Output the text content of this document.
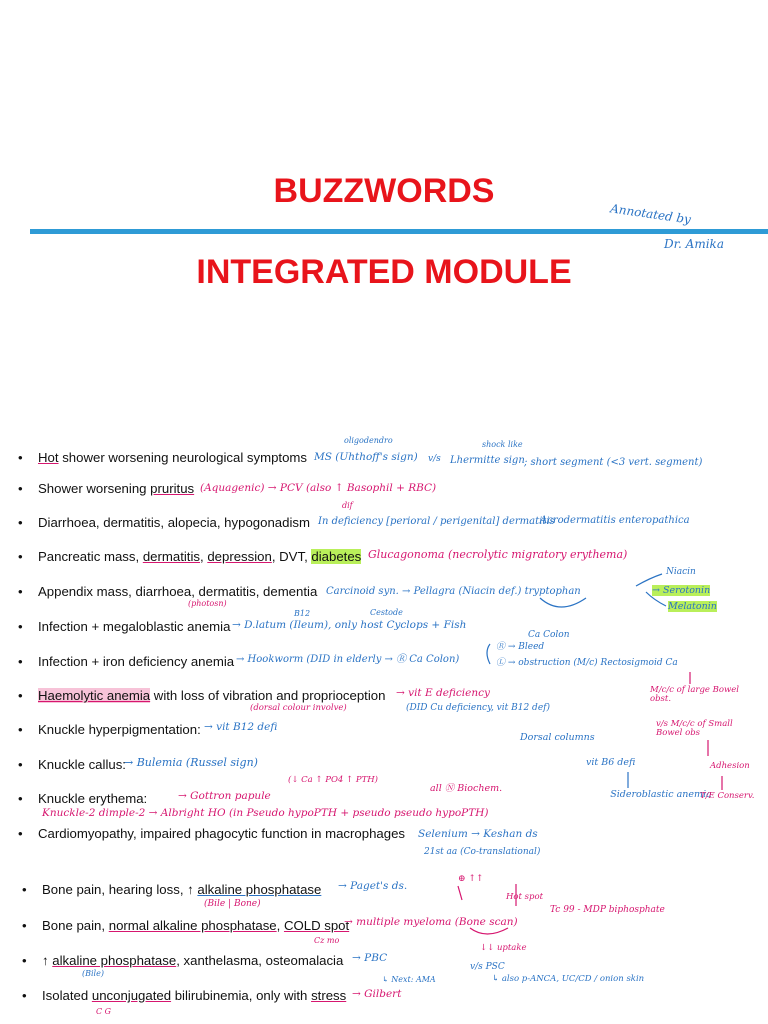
BUZZWORDS
INTEGRATED MODULE
Annotated by
Dr. Amika
• Hot shower worsening neurological symptoms
• Shower worsening pruritus
• Diarrhoea, dermatitis, alopecia, hypogonadism
• Pancreatic mass, dermatitis, depression, DVT, diabetes
• Appendix mass, diarrhoea, dermatitis, dementia
• Infection + megaloblastic anemia
• Infection + iron deficiency anemia
• Haemolytic anemia with loss of vibration and proprioception
• Knuckle hyperpigmentation:
• Knuckle callus:
• Knuckle erythema:
• Cardiomyopathy, impaired phagocytic function in macrophages
• Bone pain, hearing loss, ↑ alkaline phosphatase
• Bone pain, normal alkaline phosphatase, COLD spot
• ↑ alkaline phosphatase, xanthelasma, osteomalacia
• Isolated unconjugated bilirubinemia, only with stress
oligodendro
MS (Uhthoff's sign) v/s Lhermitte sign
shock like
; short segment (<3 vert. segment)
(Aquagenic) → PCV (also ↑ Basophil + RBC)
dif
In deficiency [perioral / perigenital] dermatitis
Acrodermatitis enteropathica
Glucagonoma (necrolytic migratory erythema)
Carcinoid syn. → Pellagra (Niacin def.) tryptophan
(photosn)
Niacin
→ Serotonin
Melatonin
B12	Cestode
→ D.latum (Ileum), only host Cyclops + Fish
→ Hookworm (DID in elderly → Ⓡ Ca Colon)
Ca Colon
Ⓡ → Bleed
Ⓛ → obstruction (M/c) Rectosigmoid Ca
→ vit E deficiency
(dorsal colour involve)	(DID Cu deficiency, vit B12 def)
Dorsal columns
→ vit B12 defi
→ Bulemia (Russel sign)
(↓ Ca ↑ PO4 ↑ PTH)
→ Gottron papule
all Ⓝ Biochem.
Knuckle-2 dimple-2 → Albright HO (in Pseudo hypoPTH + pseudo pseudo hypoPTH)
Selenium → Keshan ds
21st aa (Co-translational)
vit B6 defi
Sideroblastic anemia
M/c/c of large Bowel obst.
v/s M/c/c of Small Bowel obs
Adhesion
T/E Conserv.
→ Paget's ds.
(Bile | Bone)
⊕ ↑↑
→ multiple myeloma (Bone scan)
Cz mo
↓↓ uptake
Hot spot
Tc 99 - MDP biphosphate
→ PBC
(Bile)
↳ Next: AMA
v/s PSC
↳ also p-ANCA, UC/CD / onion skin
→ Gilbert
C G
